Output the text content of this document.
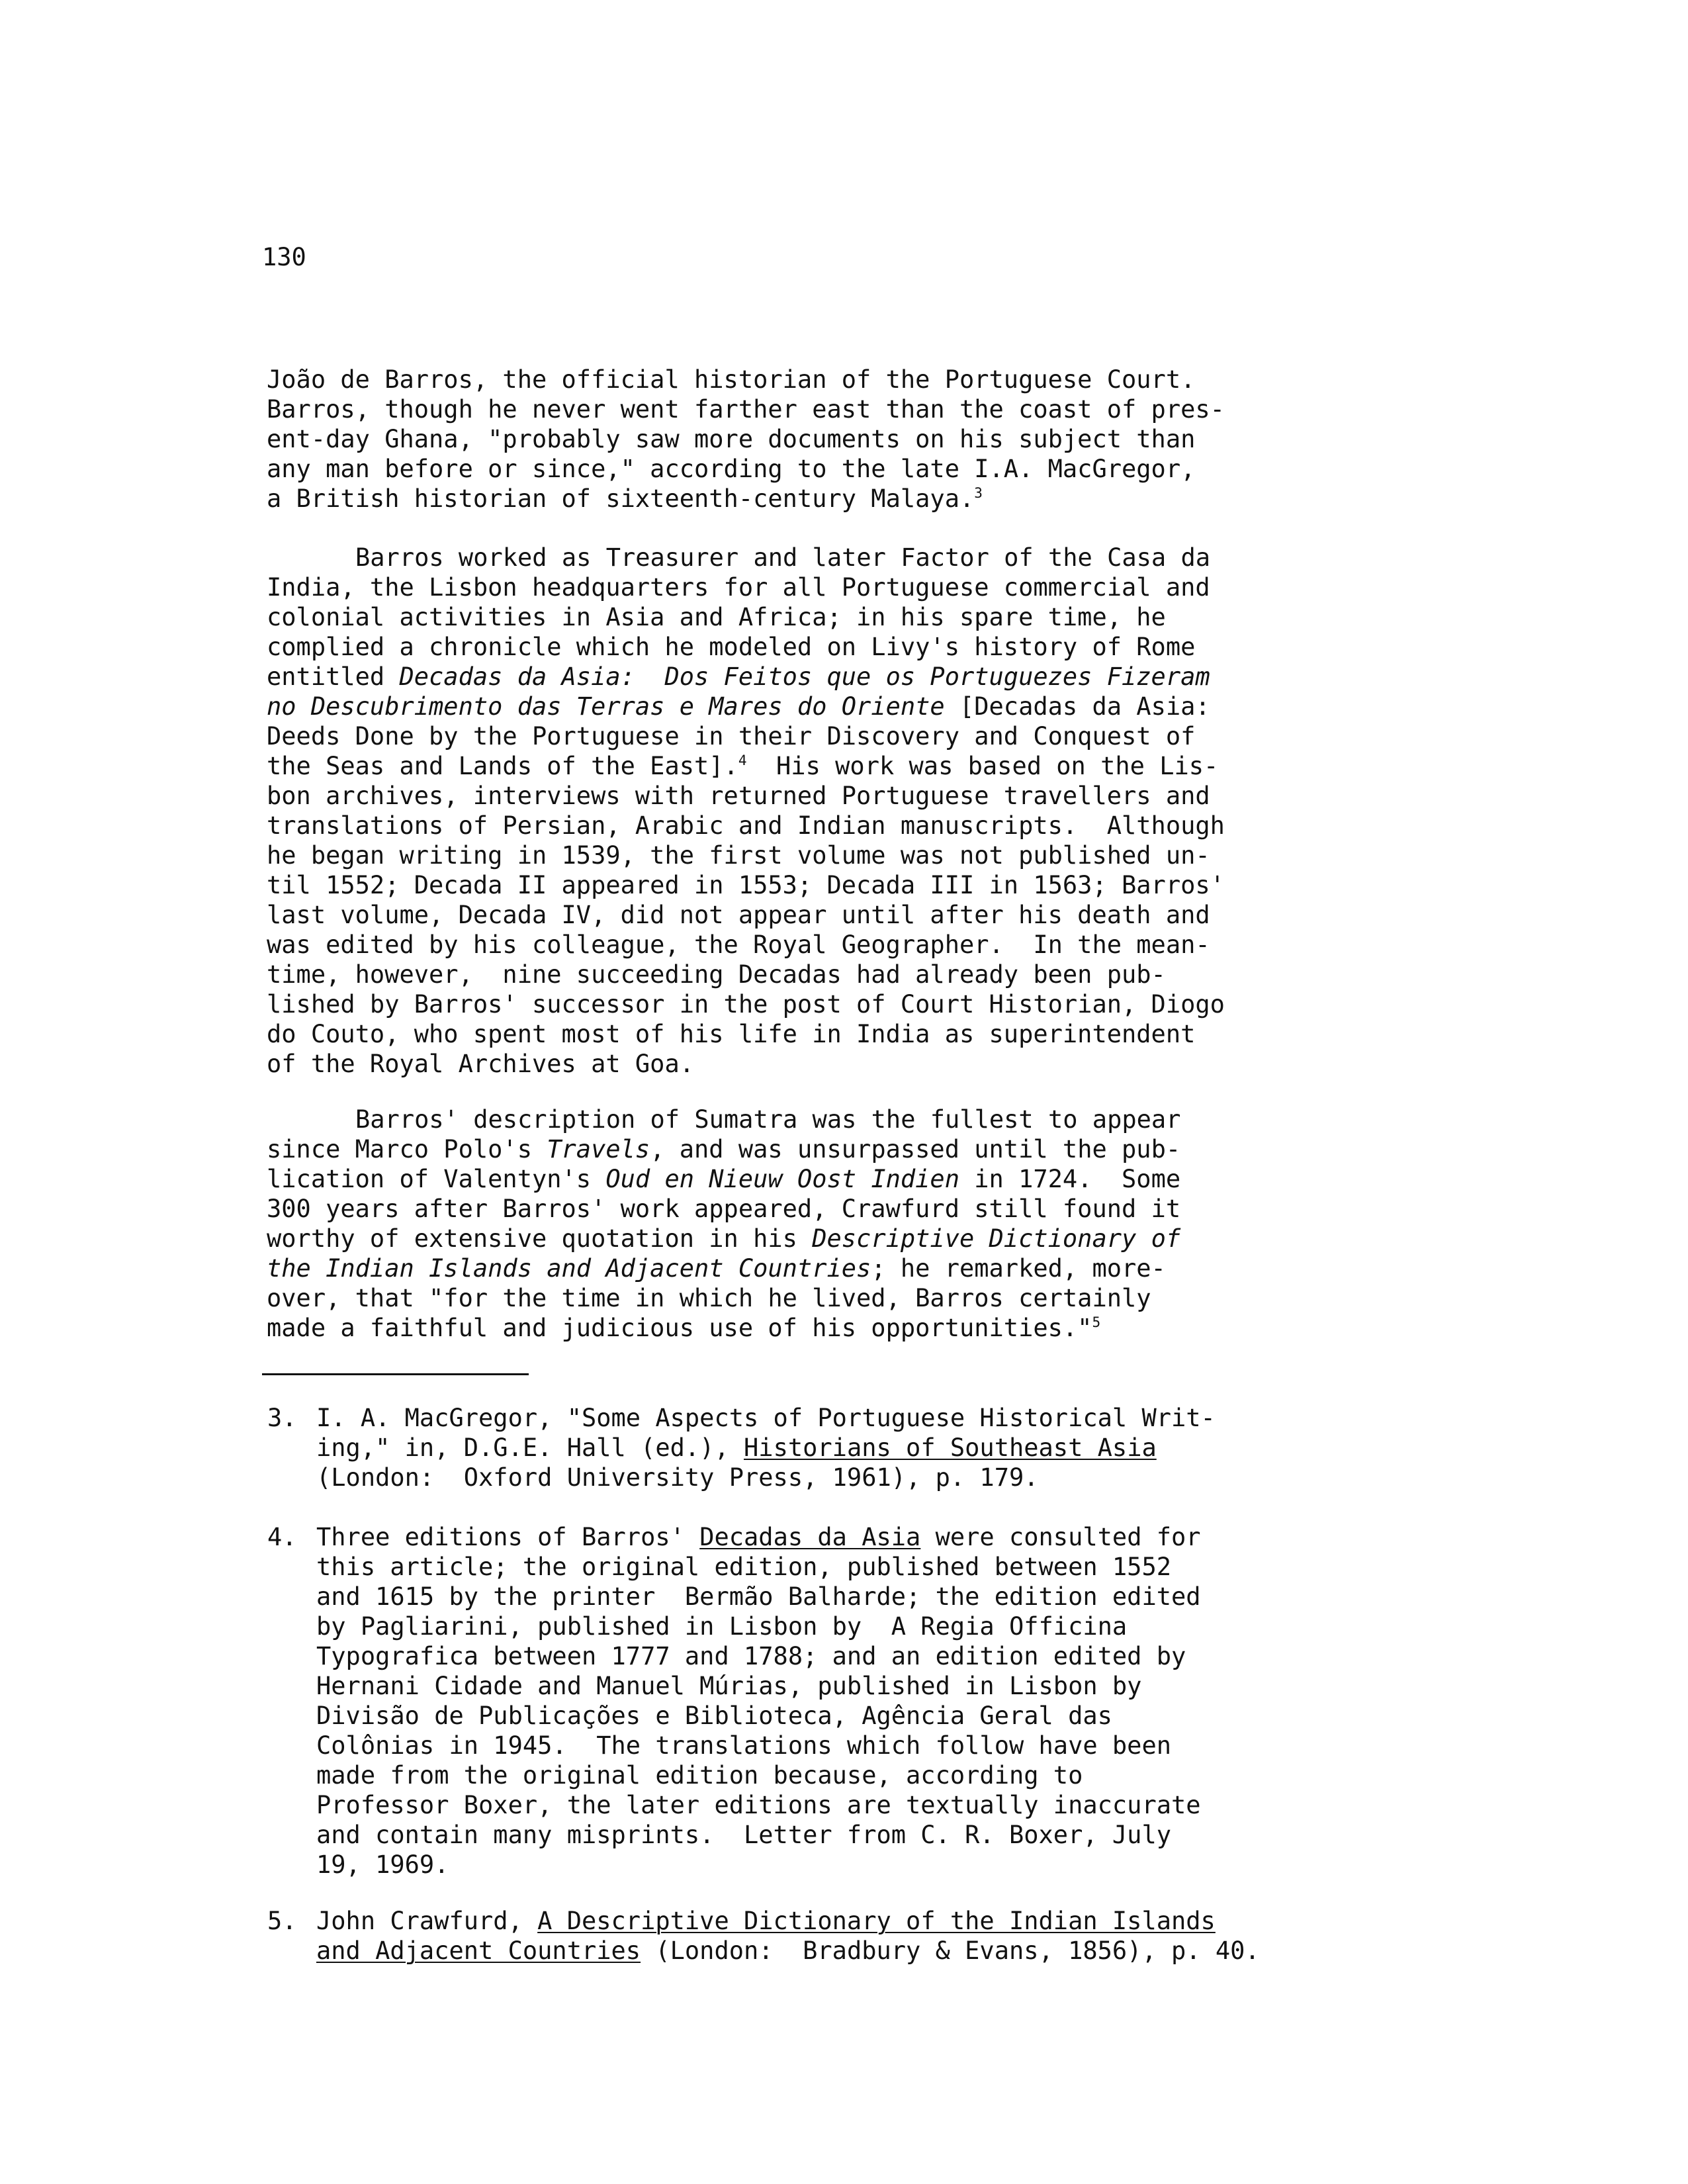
130
João de Barros, the official historian of the Portuguese Court.
Barros, though he never went farther east than the coast of pres-
ent-day Ghana, "probably saw more documents on his subject than
any man before or since," according to the late I.A. MacGregor,
a British historian of sixteenth-century Malaya.$^3$
Barros worked as Treasurer and later Factor of the Casa da
India, the Lisbon headquarters for all Portuguese commercial and
colonial activities in Asia and Africa; in his spare time, he
complied a chronicle which he modeled on Livy's history of Rome
entitled Decadas da Asia:  Dos Feitos que os Portuguezes Fizeram
no Descubrimento das Terras e Mares do Oriente [Decadas da Asia:
Deeds Done by the Portuguese in their Discovery and Conquest of
the Seas and Lands of the East].$^4$  His work was based on the Lis-
bon archives, interviews with returned Portuguese travellers and
translations of Persian, Arabic and Indian manuscripts.  Although
he began writing in 1539, the first volume was not published un-
til 1552; Decada II appeared in 1553; Decada III in 1563; Barros'
last volume, Decada IV, did not appear until after his death and
was edited by his colleague, the Royal Geographer.  In the mean-
time, however,  nine succeeding Decadas had already been pub-
lished by Barros' successor in the post of Court Historian, Diogo
do Couto, who spent most of his life in India as superintendent
of the Royal Archives at Goa.
Barros' description of Sumatra was the fullest to appear
since Marco Polo's Travels, and was unsurpassed until the pub-
lication of Valentyn's Oud en Nieuw Oost Indien in 1724.  Some
300 years after Barros' work appeared, Crawfurd still found it
worthy of extensive quotation in his Descriptive Dictionary of
the Indian Islands and Adjacent Countries; he remarked, more-
over, that "for the time in which he lived, Barros certainly
made a faithful and judicious use of his opportunities."$^5$
3. I. A. MacGregor, "Some Aspects of Portuguese Historical Writ-
ing," in, D.G.E. Hall (ed.), Historians of Southeast Asia
(London:  Oxford University Press, 1961), p. 179.
4. Three editions of Barros' Decadas da Asia were consulted for
this article; the original edition, published between 1552
and 1615 by the printer  Bermão Balharde; the edition edited
by Pagliarini, published in Lisbon by  A Regia Officina
Typografica between 1777 and 1788; and an edition edited by
Hernani Cidade and Manuel Múrias, published in Lisbon by
Divisão de Publicações e Biblioteca, Agência Geral das
Colônias in 1945.  The translations which follow have been
made from the original edition because, according to
Professor Boxer, the later editions are textually inaccurate
and contain many misprints.  Letter from C. R. Boxer, July
19, 1969.
5. John Crawfurd, A Descriptive Dictionary of the Indian Islands
and Adjacent Countries (London:  Bradbury & Evans, 1856), p. 40.
